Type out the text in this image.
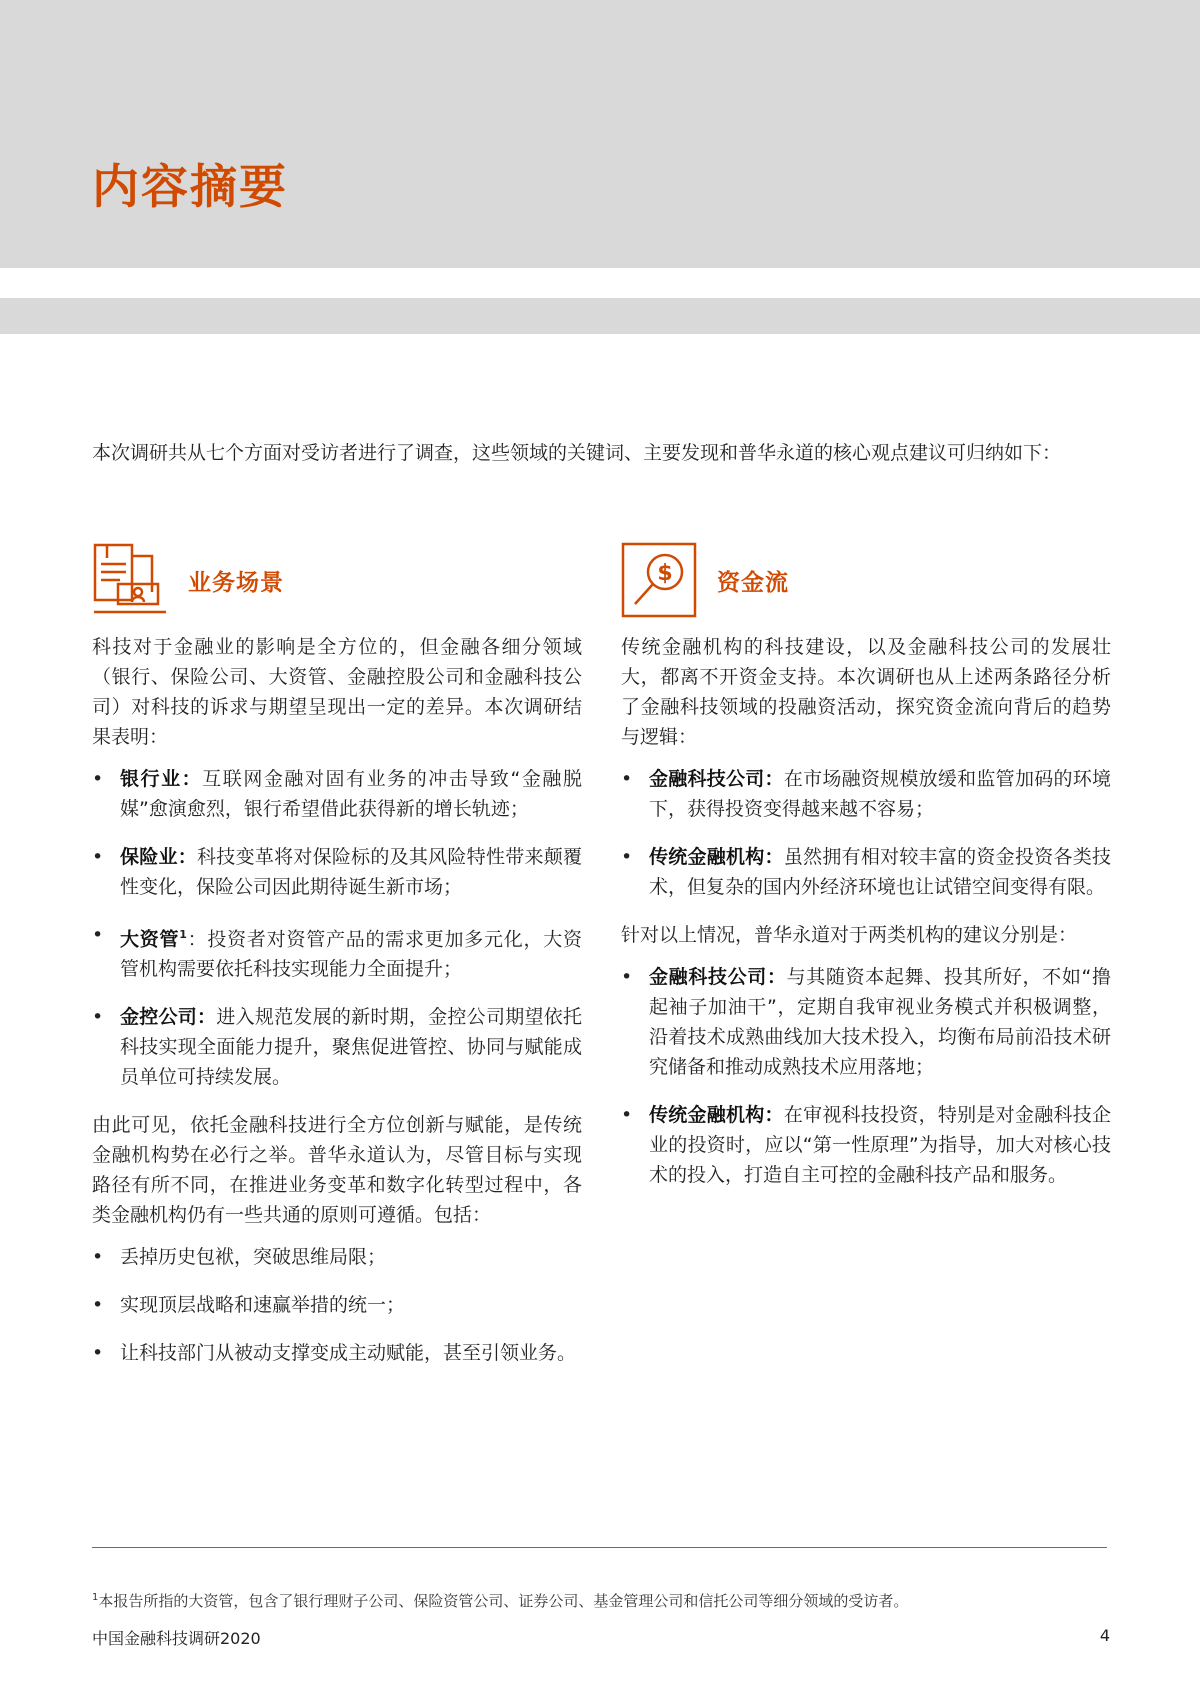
内容摘要

本次调研共从七个方面对受访者进行了调查，这些领域的关键词、主要发现和普华永道的核心观点建议可归纳如下：

业务场景

科技对于金融业的影响是全方位的，但金融各细分领域（银行、保险公司、大资管、金融控股公司和金融科技公司）对科技的诉求与期望呈现出一定的差异。本次调研结果表明：

• 银行业：互联网金融对固有业务的冲击导致“金融脱媒”愈演愈烈，银行希望借此获得新的增长轨迹；
• 保险业：科技变革将对保险标的及其风险特性带来颠覆性变化，保险公司因此期待诞生新市场；
• 大资管$^1$：投资者对资管产品的需求更加多元化，大资管机构需要依托科技实现能力全面提升；
• 金控公司：进入规范发展的新时期，金控公司期望依托科技实现全面能力提升，聚焦促进管控、协同与赋能成员单位可持续发展。

由此可见，依托金融科技进行全方位创新与赋能，是传统金融机构势在必行之举。普华永道认为，尽管目标与实现路径有所不同，在推进业务变革和数字化转型过程中，各类金融机构仍有一些共通的原则可遵循。包括：

• 丢掉历史包袱，突破思维局限；
• 实现顶层战略和速赢举措的统一；
• 让科技部门从被动支撑变成主动赋能，甚至引领业务。
$ 资金流

传统金融机构的科技建设，以及金融科技公司的发展壮大，都离不开资金支持。本次调研也从上述两条路径分析了金融科技领域的投融资活动，探究资金流向背后的趋势与逻辑：

• 金融科技公司：在市场融资规模放缓和监管加码的环境下，获得投资变得越来越不容易；
• 传统金融机构：虽然拥有相对较丰富的资金投资各类技术，但复杂的国内外经济环境也让试错空间变得有限。

针对以上情况，普华永道对于两类机构的建议分别是：

• 金融科技公司：与其随资本起舞、投其所好，不如“撸起袖子加油干”，定期自我审视业务模式并积极调整，沿着技术成熟曲线加大技术投入，均衡布局前沿技术研究储备和推动成熟技术应用落地；
• 传统金融机构：在审视科技投资，特别是对金融科技企业的投资时，应以“第一性原理”为指导，加大对核心技术的投入，打造自主可控的金融科技产品和服务。

$^1$本报告所指的大资管，包含了银行理财子公司、保险资管公司、证券公司、基金管理公司和信托公司等细分领域的受访者。

中国金融科技调研2020	4
